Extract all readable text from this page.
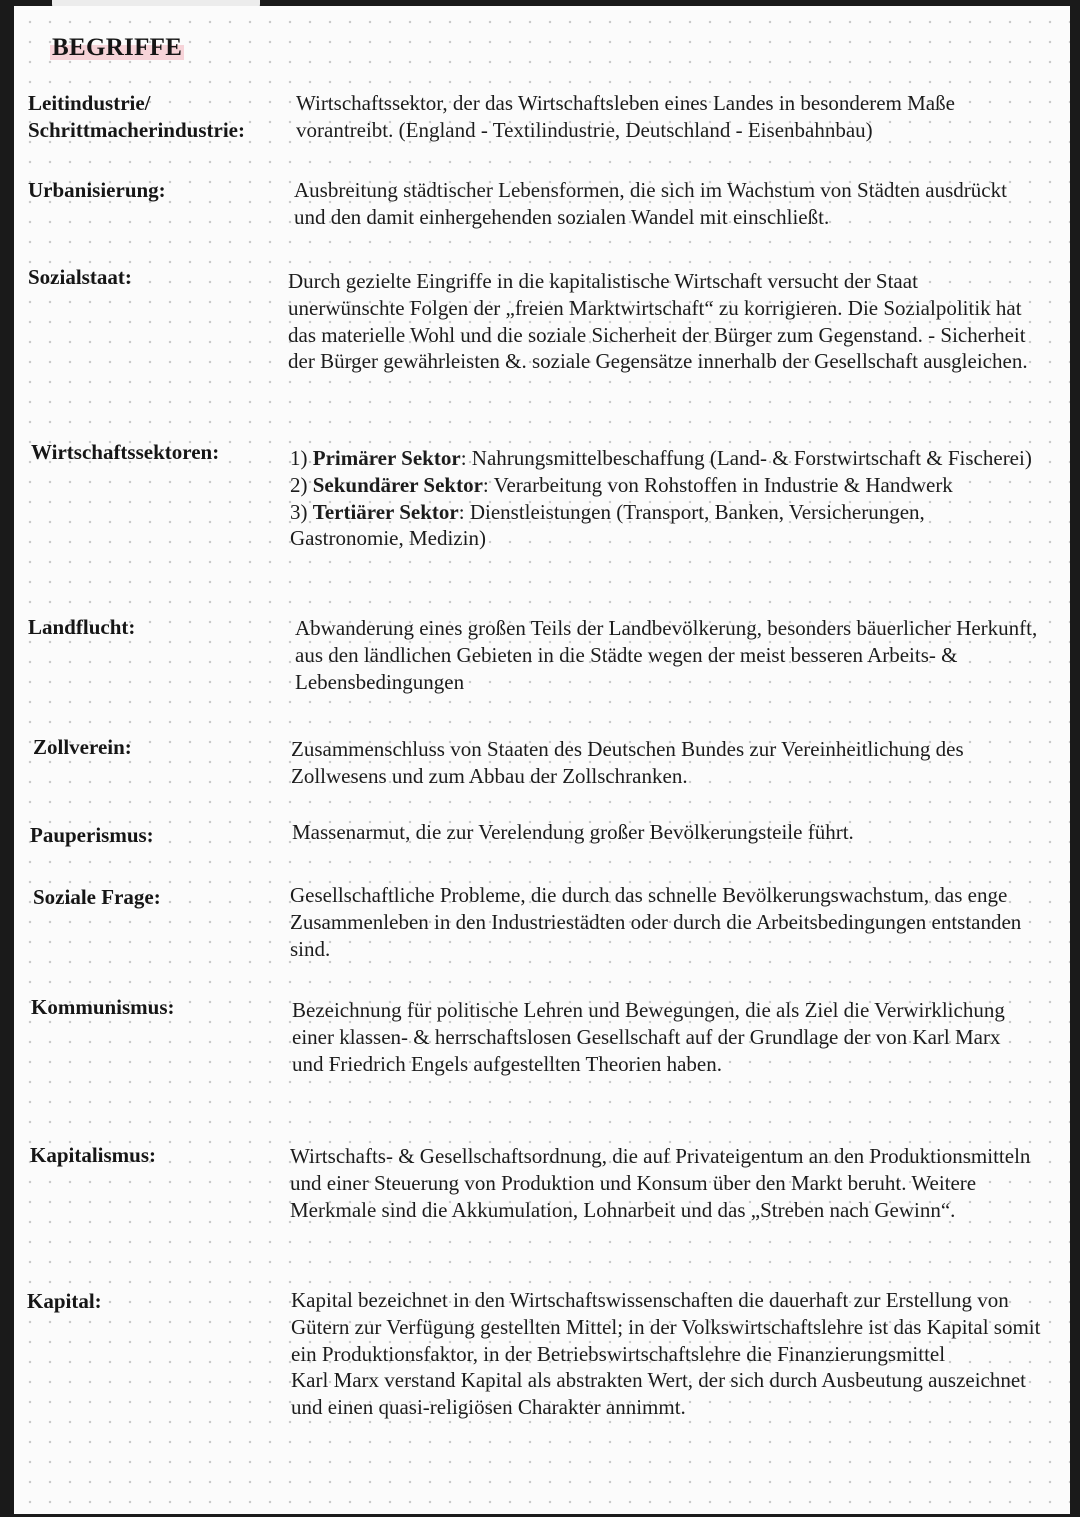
BEGRIFFE
Leitindustrie/
Schrittmacherindustrie:
Wirtschaftssektor, der das Wirtschaftsleben eines Landes in besonderem Maße vorantreibt. (England - Textilindustrie, Deutschland - Eisenbahnbau)
Urbanisierung:	Ausbreitung städtischer Lebensformen, die sich im Wachstum von Städten ausdrückt und den damit einhergehenden sozialen Wandel mit einschließt.
Sozialstaat:	Durch gezielte Eingriffe in die kapitalistische Wirtschaft versucht der Staat unerwünschte Folgen der „freien Marktwirtschaft“ zu korrigieren. Die Sozialpolitik hat das materielle Wohl und die soziale Sicherheit der Bürger zum Gegenstand. - Sicherheit der Bürger gewährleisten &. soziale Gegensätze innerhalb der Gesellschaft ausgleichen.
Wirtschaftssektoren:	1) Primärer Sektor: Nahrungsmittelbeschaffung (Land- & Forstwirtschaft & Fischerei)

2) Sekundärer Sektor: Verarbeitung von Rohstoffen in Industrie & Handwerk

3) Tertiärer Sektor: Dienstleistungen (Transport, Banken, Versicherungen, Gastronomie, Medizin)

Landflucht:	Abwanderung eines großen Teils der Landbevölkerung, besonders bäuerlicher Herkunft, aus den ländlichen Gebieten in die Städte wegen der meist besseren Arbeits- & Lebensbedingungen
Zollverein:	Zusammenschluss von Staaten des Deutschen Bundes zur Vereinheitlichung des Zollwesens und zum Abbau der Zollschranken.
Pauperismus:	Massenarmut, die zur Verelendung großer Bevölkerungsteile führt.
Soziale Frage:	Gesellschaftliche Probleme, die durch das schnelle Bevölkerungswachstum, das enge Zusammenleben in den Industriestädten oder durch die Arbeitsbedingungen entstanden sind.
Kommunismus:	Bezeichnung für politische Lehren und Bewegungen, die als Ziel die Verwirklichung einer klassen- & herrschaftslosen Gesellschaft auf der Grundlage der von Karl Marx und Friedrich Engels aufgestellten Theorien haben.
Kapitalismus:	Wirtschafts- & Gesellschaftsordnung, die auf Privateigentum an den Produktionsmitteln und einer Steuerung von Produktion und Konsum über den Markt beruht. Weitere Merkmale sind die Akkumulation, Lohnarbeit und das „Streben nach Gewinn“.
Kapital:	Kapital bezeichnet in den Wirtschaftswissenschaften die dauerhaft zur Erstellung von Gütern zur Verfügung gestellten Mittel; in der Volkswirtschaftslehre ist das Kapital somit ein Produktionsfaktor, in der Betriebswirtschaftslehre die Finanzierungsmittel

Karl Marx verstand Kapital als abstrakten Wert, der sich durch Ausbeutung auszeichnet und einen quasi-religiösen Charakter annimmt.
